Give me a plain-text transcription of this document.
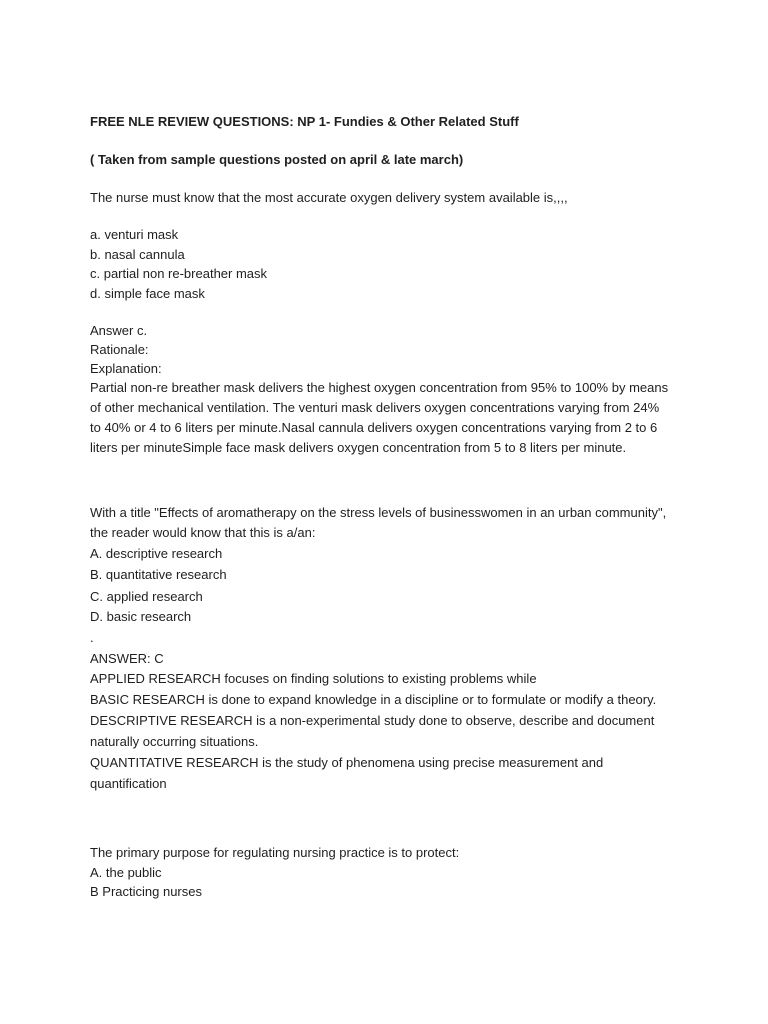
FREE NLE REVIEW QUESTIONS: NP 1- Fundies & Other Related Stuff
( Taken from sample questions posted on april & late march)
The nurse must know that the most accurate oxygen delivery system available is,,,,
a. venturi mask
b. nasal cannula
c. partial non re-breather mask
d. simple face mask
Answer c.
Rationale:
Explanation:
Partial non-re breather mask delivers the highest oxygen concentration from 95% to 100% by means
of other mechanical ventilation. The venturi mask delivers oxygen concentrations varying from 24%
to 40% or 4 to 6 liters per minute.Nasal cannula delivers oxygen concentrations varying from 2 to 6
liters per minuteSimple face mask delivers oxygen concentration from 5 to 8 liters per minute.
With a title "Effects of aromatherapy on the stress levels of businesswomen in an urban community",
the reader would know that this is a/an:
A. descriptive research
B. quantitative research
C. applied research
D. basic research
.
ANSWER: C
APPLIED RESEARCH focuses on finding solutions to existing problems while
BASIC RESEARCH is done to expand knowledge in a discipline or to formulate or modify a theory.
DESCRIPTIVE RESEARCH is a non-experimental study done to observe, describe and document
naturally occurring situations.
QUANTITATIVE RESEARCH is the study of phenomena using precise measurement and
quantification
The primary purpose for regulating nursing practice is to protect:
A. the public
B Practicing nurses
